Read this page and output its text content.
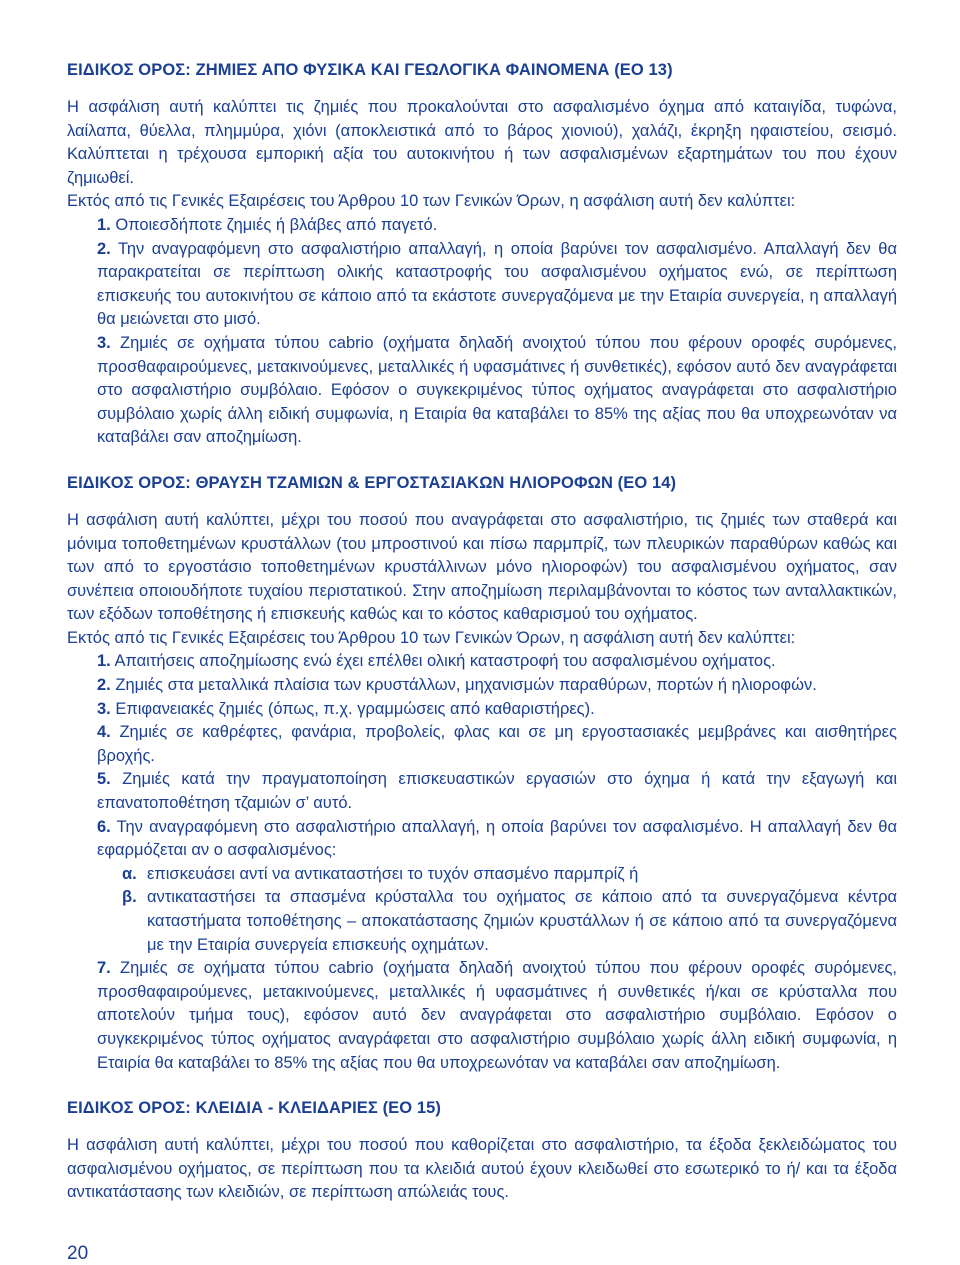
ΕΙΔΙΚΟΣ ΟΡΟΣ: ΖΗΜΙΕΣ ΑΠΟ ΦΥΣΙΚΑ ΚΑΙ ΓΕΩΛΟΓΙΚΑ ΦΑΙΝΟΜΕΝΑ (ΕΟ 13)

Η ασφάλιση αυτή καλύπτει τις ζημιές που προκαλούνται στο ασφαλισμένο όχημα από καταιγίδα, τυφώνα, λαίλαπα, θύελλα, πλημμύρα, χιόνι (αποκλειστικά από το βάρος χιονιού), χαλάζι, έκρηξη ηφαιστείου, σεισμό. Καλύπτεται η τρέχουσα εμπορική αξία του αυτοκινήτου ή των ασφαλισμένων εξαρτημάτων του που έχουν ζημιωθεί.

Εκτός από τις Γενικές Εξαιρέσεις του Άρθρου 10 των Γενικών Όρων, η ασφάλιση αυτή δεν καλύπτει:

1. Οποιεσδήποτε ζημιές ή βλάβες από παγετό.

2. Την αναγραφόμενη στο ασφαλιστήριο απαλλαγή, η οποία βαρύνει τον ασφαλισμένο. Απαλλαγή δεν θα παρακρατείται σε περίπτωση ολικής καταστροφής του ασφαλισμένου οχήματος ενώ, σε περίπτωση επισκευής του αυτοκινήτου σε κάποιο από τα εκάστοτε συνεργαζόμενα με την Εταιρία συνεργεία, η απαλλαγή θα μειώνεται στο μισό.

3. Ζημιές σε οχήματα τύπου cabrio (οχήματα δηλαδή ανοιχτού τύπου που φέρουν οροφές συρόμενες, προσθαφαιρούμενες, μετακινούμενες, μεταλλικές ή υφασμάτινες ή συνθετικές), εφόσον αυτό δεν αναγράφεται στο ασφαλιστήριο συμβόλαιο. Εφόσον ο συγκεκριμένος τύπος οχήματος αναγράφεται στο ασφαλιστήριο συμβόλαιο χωρίς άλλη ειδική συμφωνία, η Εταιρία θα καταβάλει το 85% της αξίας που θα υποχρεωνόταν να καταβάλει σαν αποζημίωση.

ΕΙΔΙΚΟΣ ΟΡΟΣ: ΘΡΑΥΣΗ ΤΖΑΜΙΩΝ & ΕΡΓΟΣΤΑΣΙΑΚΩΝ ΗΛΙΟΡΟΦΩΝ (ΕΟ 14)

Η ασφάλιση αυτή καλύπτει, μέχρι του ποσού που αναγράφεται στο ασφαλιστήριο, τις ζημιές των σταθερά και μόνιμα τοποθετημένων κρυστάλλων (του μπροστινού και πίσω παρμπρίζ, των πλευρικών παραθύρων καθώς και των από το εργοστάσιο τοποθετημένων κρυστάλλινων μόνο ηλιοροφών) του ασφαλισμένου οχήματος, σαν συνέπεια οποιουδήποτε τυχαίου περιστατικού. Στην αποζημίωση περιλαμβάνονται το κόστος των ανταλλακτικών, των εξόδων τοποθέτησης ή επισκευής καθώς και το κόστος καθαρισμού του οχήματος.

Εκτός από τις Γενικές Εξαιρέσεις του Άρθρου 10 των Γενικών Όρων, η ασφάλιση αυτή δεν καλύπτει:

1. Απαιτήσεις αποζημίωσης ενώ έχει επέλθει ολική καταστροφή του ασφαλισμένου οχήματος.

2. Ζημιές στα μεταλλικά πλαίσια των κρυστάλλων, μηχανισμών παραθύρων, πορτών ή ηλιοροφών.

3. Επιφανειακές ζημιές (όπως, π.χ. γραμμώσεις από καθαριστήρες).

4. Ζημιές σε καθρέφτες, φανάρια, προβολείς, φλας και σε μη εργοστασιακές μεμβράνες και αισθητήρες βροχής.

5. Ζημιές κατά την πραγματοποίηση επισκευαστικών εργασιών στο όχημα ή κατά την εξαγωγή και επανατοποθέτηση τζαμιών σ’ αυτό.

6. Την αναγραφόμενη στο ασφαλιστήριο απαλλαγή, η οποία βαρύνει τον ασφαλισμένο. Η απαλλαγή δεν θα εφαρμόζεται αν ο ασφαλισμένος:

α. επισκευάσει αντί να αντικαταστήσει το τυχόν σπασμένο παρμπρίζ ή

β. αντικαταστήσει τα σπασμένα κρύσταλλα του οχήματος σε κάποιο από τα συνεργαζόμενα κέντρα καταστήματα τοποθέτησης – αποκατάστασης ζημιών κρυστάλλων ή σε κάποιο από τα συνεργαζόμενα με την Εταιρία συνεργεία επισκευής οχημάτων.

7. Ζημιές σε οχήματα τύπου cabrio (οχήματα δηλαδή ανοιχτού τύπου που φέρουν οροφές συρόμενες, προσθαφαιρούμενες, μετακινούμενες, μεταλλικές ή υφασμάτινες ή συνθετικές ή/και σε κρύσταλλα που αποτελούν τμήμα τους), εφόσον αυτό δεν αναγράφεται στο ασφαλιστήριο συμβόλαιο. Εφόσον ο συγκεκριμένος τύπος οχήματος αναγράφεται στο ασφαλιστήριο συμβόλαιο χωρίς άλλη ειδική συμφωνία, η Εταιρία θα καταβάλει το 85% της αξίας που θα υποχρεωνόταν να καταβάλει σαν αποζημίωση.

ΕΙΔΙΚΟΣ ΟΡΟΣ: ΚΛΕΙΔΙΑ - ΚΛΕΙΔΑΡΙΕΣ (ΕΟ 15)

Η ασφάλιση αυτή καλύπτει, μέχρι του ποσού που καθορίζεται στο ασφαλιστήριο, τα έξοδα ξεκλειδώματος του ασφαλισμένου οχήματος, σε περίπτωση που τα κλειδιά αυτού έχουν κλειδωθεί στο εσωτερικό το ή/ και τα έξοδα αντικατάστασης των κλειδιών, σε περίπτωση απώλειάς τους.

20
